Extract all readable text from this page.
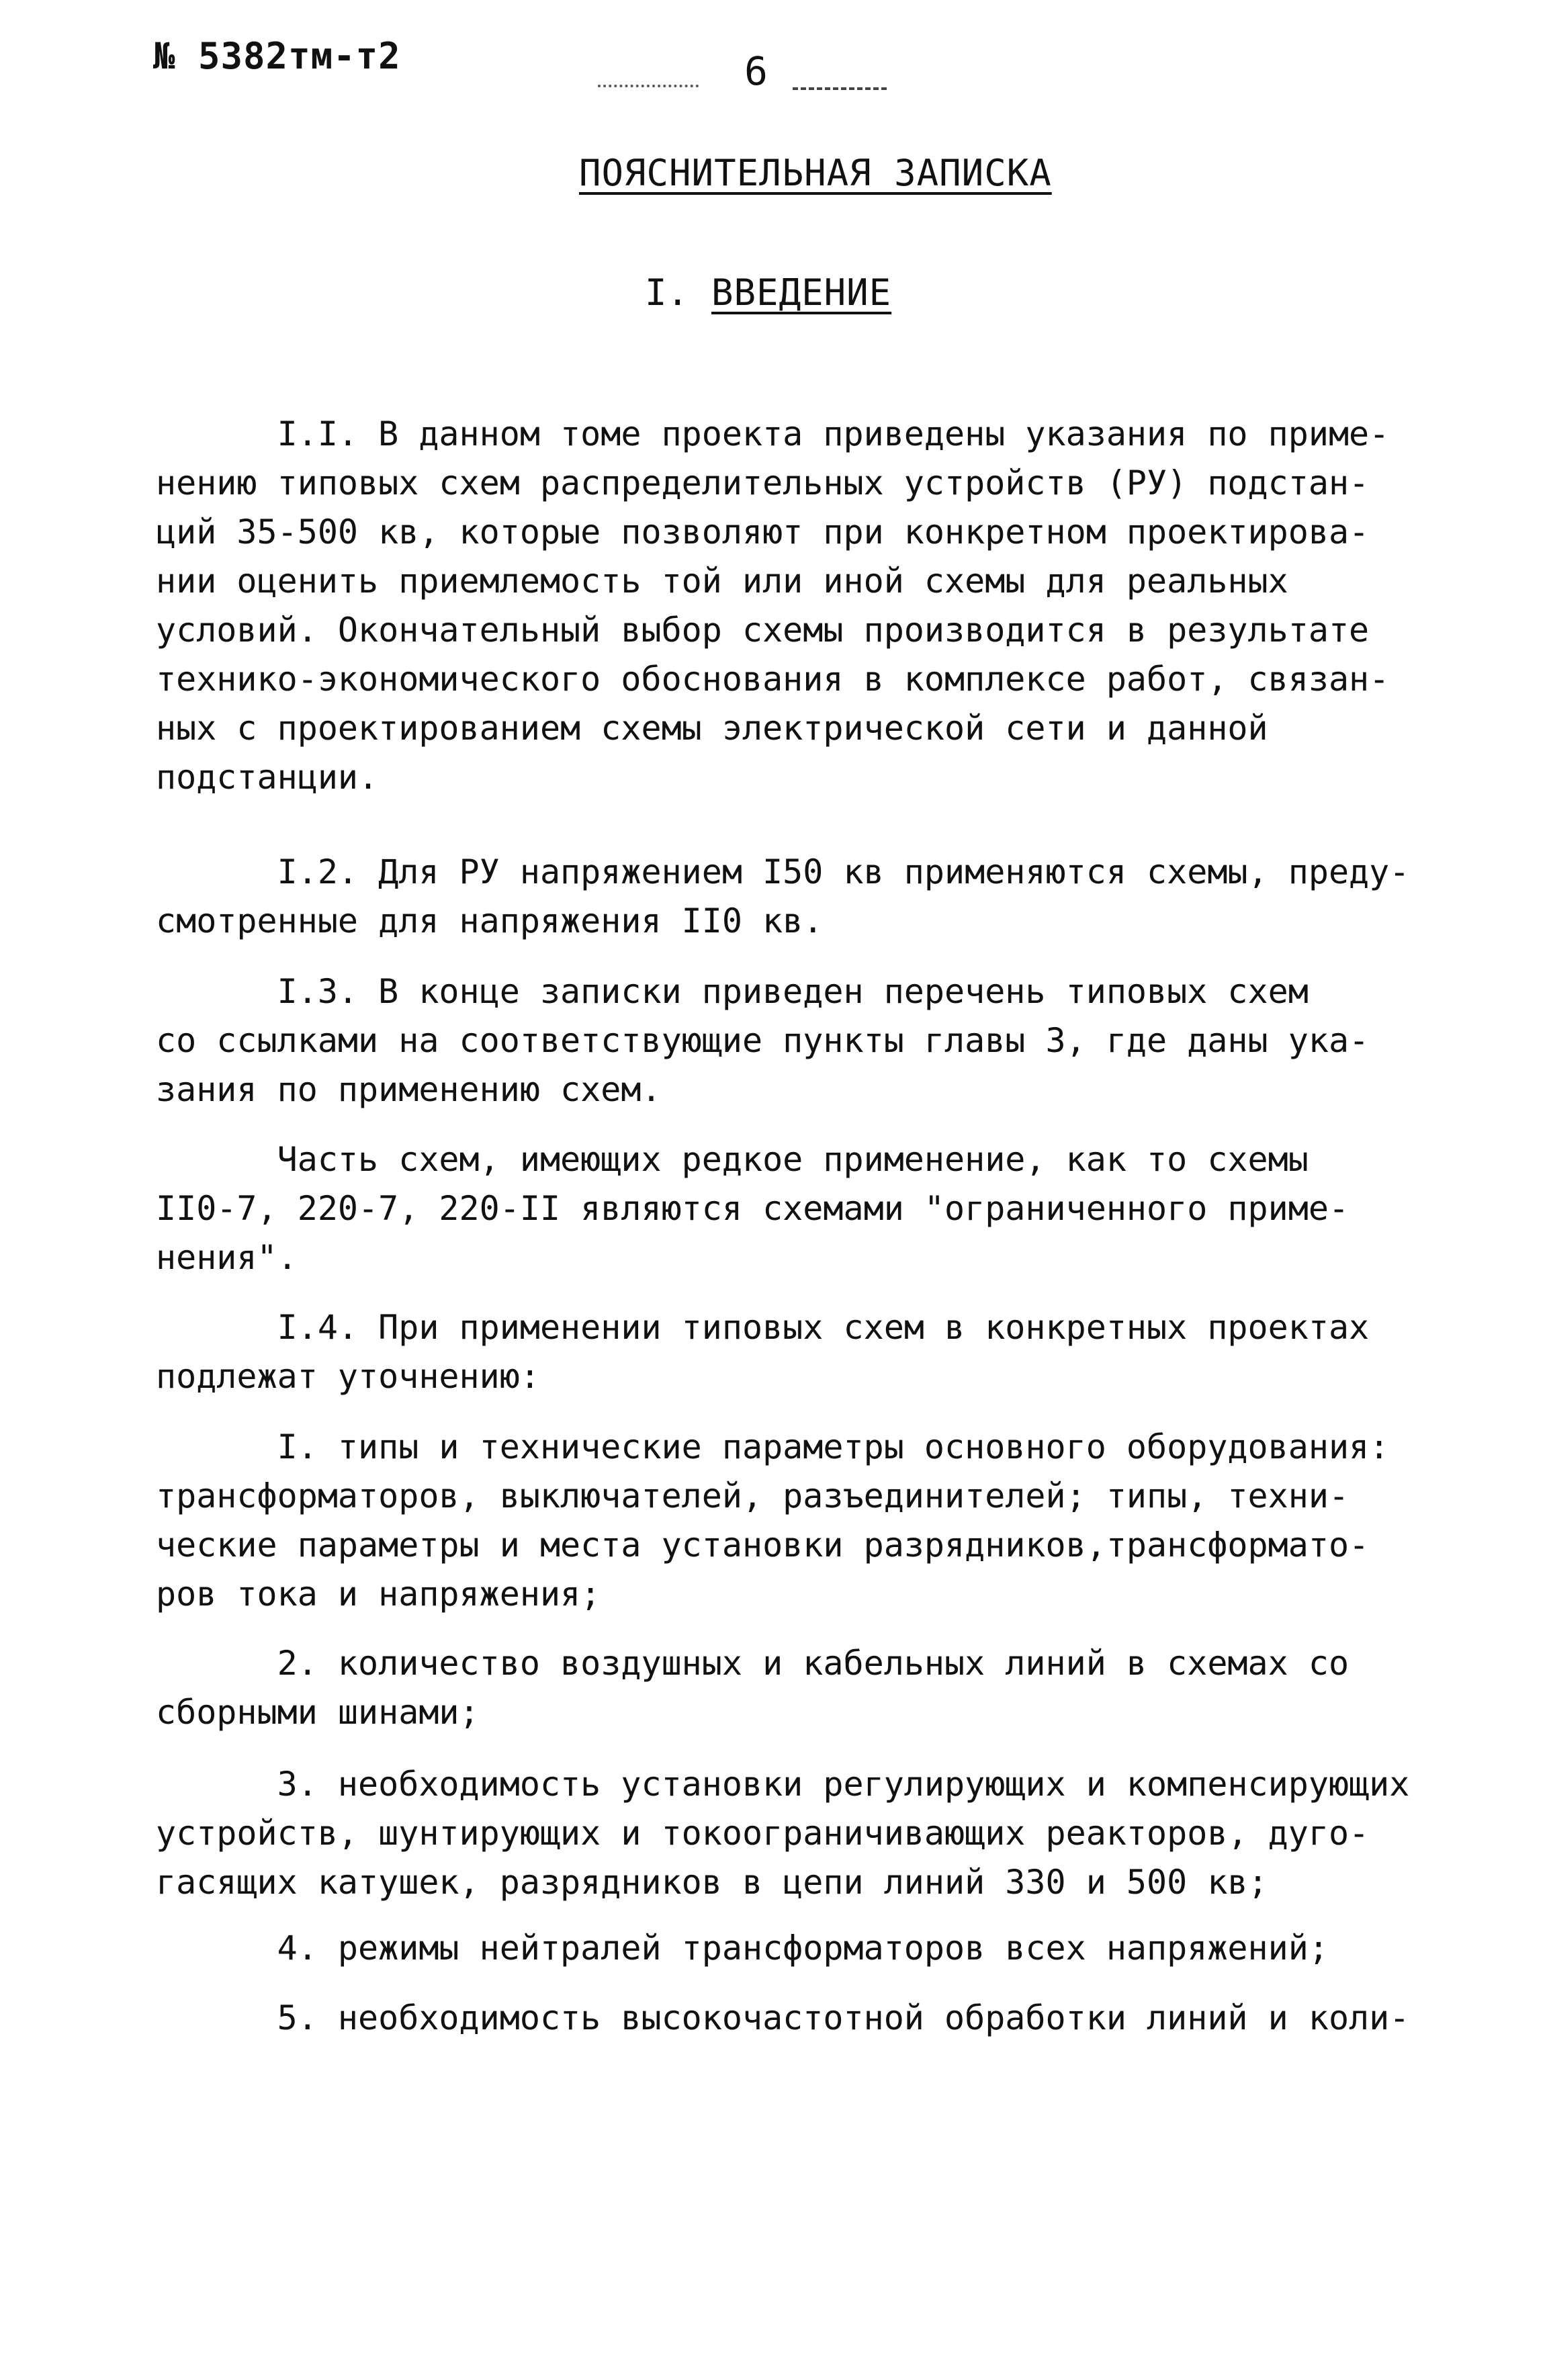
№ 5382тм-т2	6
ПОЯСНИТЕЛЬНАЯ ЗАПИСКА
I. ВВЕДЕНИЕ
I.I. В данном томе проекта приведены указания по приме-
нению типовых схем распределительных устройств (РУ) подстан-
ций 35-500 кв, которые позволяют при конкретном проектирова-
нии оценить приемлемость той или иной схемы для реальных
условий. Окончательный выбор схемы производится в результате
технико-экономического обоснования в комплексе работ, связан-
ных с проектированием схемы электрической сети и данной
подстанции.
I.2. Для РУ напряжением I50 кв применяются схемы, преду-
смотренные для напряжения II0 кв.
I.3. В конце записки приведен перечень типовых схем
со ссылками на соответствующие пункты главы 3, где даны ука-
зания по применению схем.
Часть схем, имеющих редкое применение, как то схемы
II0-7, 220-7, 220-II являются схемами "ограниченного приме-
нения".
I.4. При применении типовых схем в конкретных проектах
подлежат уточнению:
I. типы и технические параметры основного оборудования:
трансформаторов, выключателей, разъединителей; типы, техни-
ческие параметры и места установки разрядников,трансформато-
ров тока и напряжения;
2. количество воздушных и кабельных линий в схемах со
сборными шинами;
3. необходимость установки регулирующих и компенсирующих
устройств, шунтирующих и токоограничивающих реакторов, дуго-
гасящих катушек, разрядников в цепи линий 330 и 500 кв;
4. режимы нейтралей трансформаторов всех напряжений;
5. необходимость высокочастотной обработки линий и коли-
